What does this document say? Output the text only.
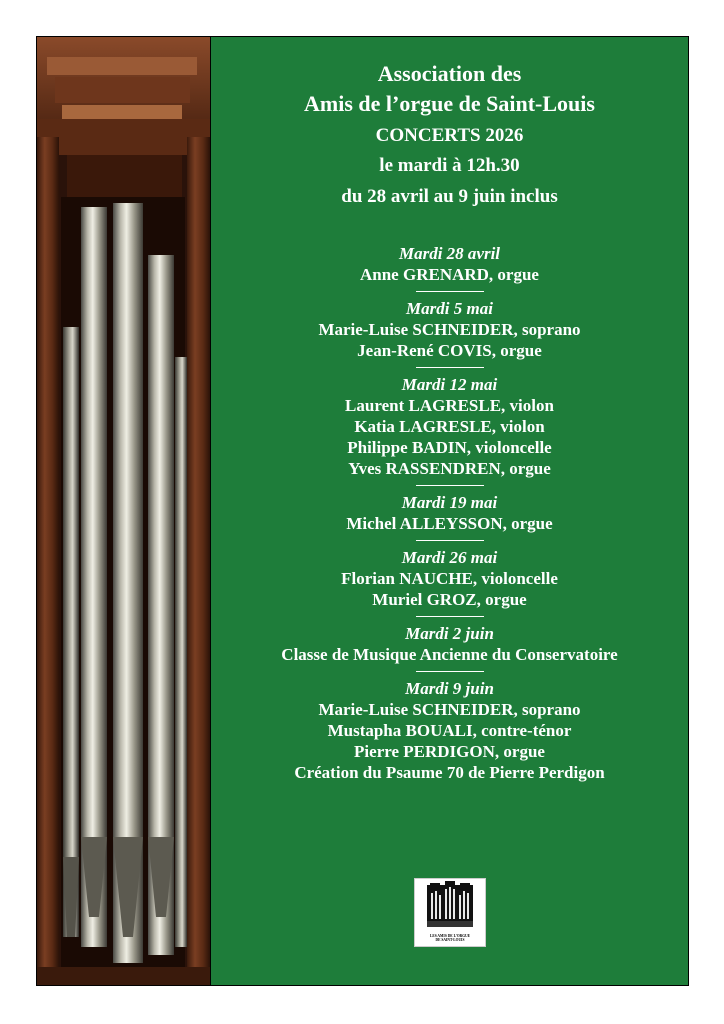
Association des
Amis de l’orgue de Saint-Louis
CONCERTS 2026
le mardi à 12h.30
du 28 avril au 9 juin inclus
Mardi 28 avril
Anne GRENARD, orgue
Mardi 5 mai
Marie-Luise SCHNEIDER, soprano
Jean-René COVIS, orgue
Mardi 12 mai
Laurent LAGRESLE, violon
Katia LAGRESLE, violon
Philippe BADIN, violoncelle
Yves RASSENDREN, orgue
Mardi 19 mai
Michel ALLEYSSON, orgue
Mardi 26 mai
Florian NAUCHE, violoncelle
Muriel GROZ, orgue
Mardi 2 juin
Classe de Musique Ancienne du Conservatoire
Mardi 9 juin
Marie-Luise SCHNEIDER, soprano
Mustapha BOUALI, contre-ténor
Pierre PERDIGON, orgue
Création du Psaume 70 de Pierre Perdigon
LES AMIS DE L’ORGUE
DE SAINT-LOUIS
